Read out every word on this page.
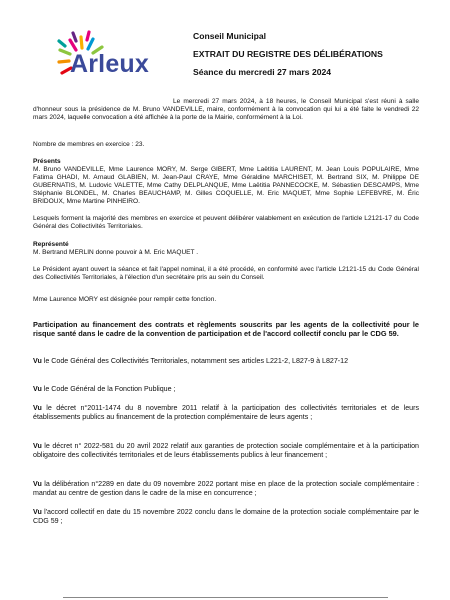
Arleux

Conseil Municipal

EXTRAIT DU REGISTRE DES DÉLIBÉRATIONS

Séance du mercredi 27 mars 2024

Le mercredi 27 mars 2024, à 18 heures, le Conseil Municipal s'est réuni à salle d'honneur sous la présidence de M. Bruno VANDEVILLE, maire, conformément à la convocation qui lui a été faite le vendredi 22 mars 2024, laquelle convocation a été affichée à la porte de la Mairie, conformément à la Loi.

Nombre de membres en exercice : 23.

Présents

M. Bruno VANDEVILLE, Mme Laurence MORY, M. Serge GIBERT, Mme Laëtitia LAURENT, M. Jean Louis POPULAIRE, Mme Fatima GHADI, M. Arnaud GLABIEN, M. Jean-Paul CRAYE, Mme Géraldine MARCHISET, M. Bertrand SIX, M. Philippe DE GUBERNATIS, M. Ludovic VALETTE, Mme Cathy DELPLANQUE, Mme Laëtitia PANNECOCKE, M. Sébastien DESCAMPS, Mme Stéphanie BLONDEL, M. Charles BEAUCHAMP, M. Gilles COQUELLE, M. Eric MAQUET, Mme Sophie LEFEBVRE, M. Éric BRIDOUX, Mme Martine PINHEIRO.

Lesquels forment la majorité des membres en exercice et peuvent délibérer valablement en exécution de l'article L2121-17 du Code Général des Collectivités Territoriales.

Représenté

M. Bertrand MERLIN donne pouvoir à M. Eric MAQUET .

Le Président ayant ouvert la séance et fait l'appel nominal, il a été procédé, en conformité avec l'article L2121-15 du Code Général des Collectivités Territoriales, à l'élection d'un secrétaire pris au sein du Conseil.

Mme Laurence MORY est désignée pour remplir cette fonction.

Participation au financement des contrats et règlements souscrits par les agents de la collectivité pour le risque santé dans le cadre de la convention de participation et de l'accord collectif conclu par le CDG 59.

Vu le Code Général des Collectivités Territoriales, notamment ses articles L221-2, L827-9 à L827-12

Vu le Code Général de la Fonction Publique ;

Vu le décret n°2011-1474 du 8 novembre 2011 relatif à la participation des collectivités territoriales et de leurs établissements publics au financement de la protection complémentaire de leurs agents ;

Vu le décret n° 2022-581 du 20 avril 2022 relatif aux garanties de protection sociale complémentaire et à la participation obligatoire des collectivités territoriales et de leurs établissements publics à leur financement ;

Vu la délibération n°2289 en date du 09 novembre 2022 portant mise en place de la protection sociale complémentaire : mandat au centre de gestion dans le cadre de la mise en concurrence ;

Vu l'accord collectif en date du 15 novembre 2022 conclu dans le domaine de la protection sociale complémentaire par le CDG 59 ;
